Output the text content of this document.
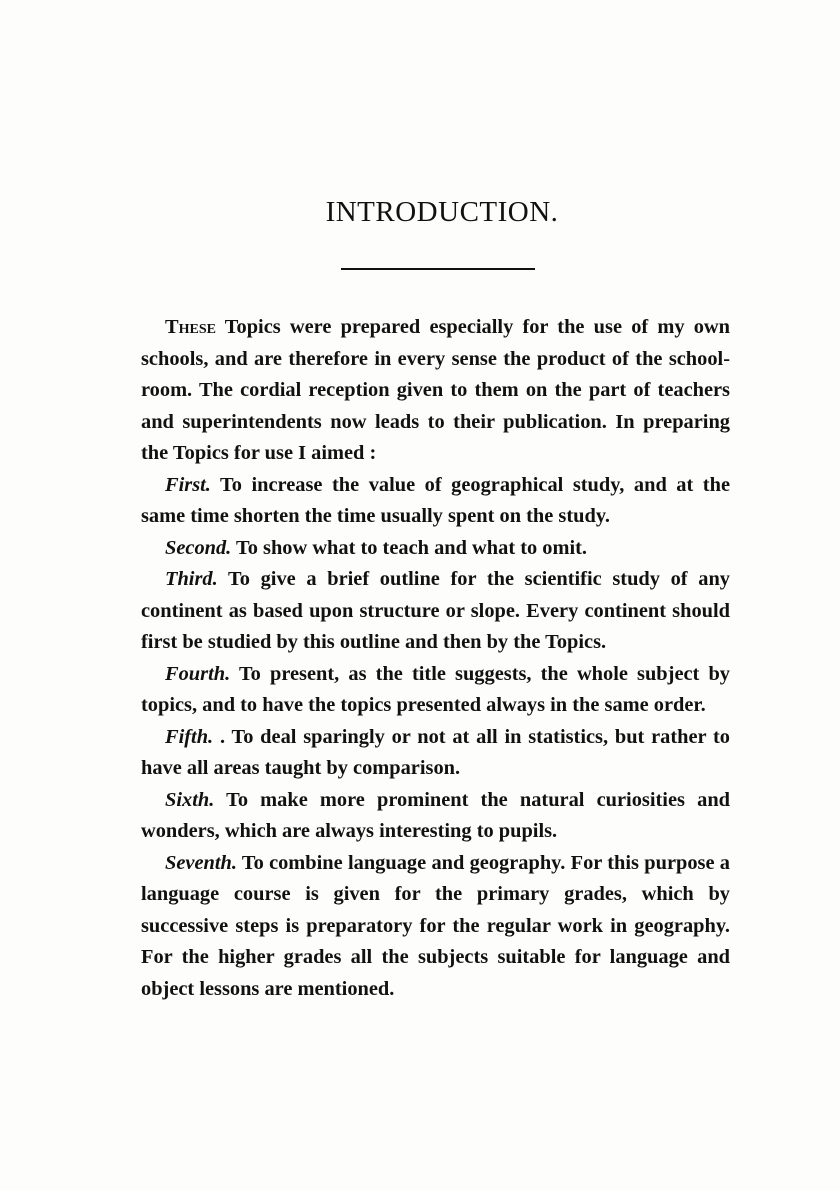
INTRODUCTION.

These Topics were prepared especially for the use of my own schools, and are therefore in every sense the product of the school-room. The cordial reception given to them on the part of teachers and superintendents now leads to their publication. In preparing the Topics for use I aimed :

First. To increase the value of geographical study, and at the same time shorten the time usually spent on the study.

Second. To show what to teach and what to omit.

Third. To give a brief outline for the scientific study of any continent as based upon structure or slope. Every continent should first be studied by this outline and then by the Topics.

Fourth. To present, as the title suggests, the whole subject by topics, and to have the topics presented always in the same order.

Fifth. . To deal sparingly or not at all in statistics, but rather to have all areas taught by comparison.

Sixth. To make more prominent the natural curiosities and wonders, which are always interesting to pupils.

Seventh. To combine language and geography. For this purpose a language course is given for the primary grades, which by successive steps is preparatory for the regular work in geography. For the higher grades all the subjects suitable for language and object lessons are mentioned.
